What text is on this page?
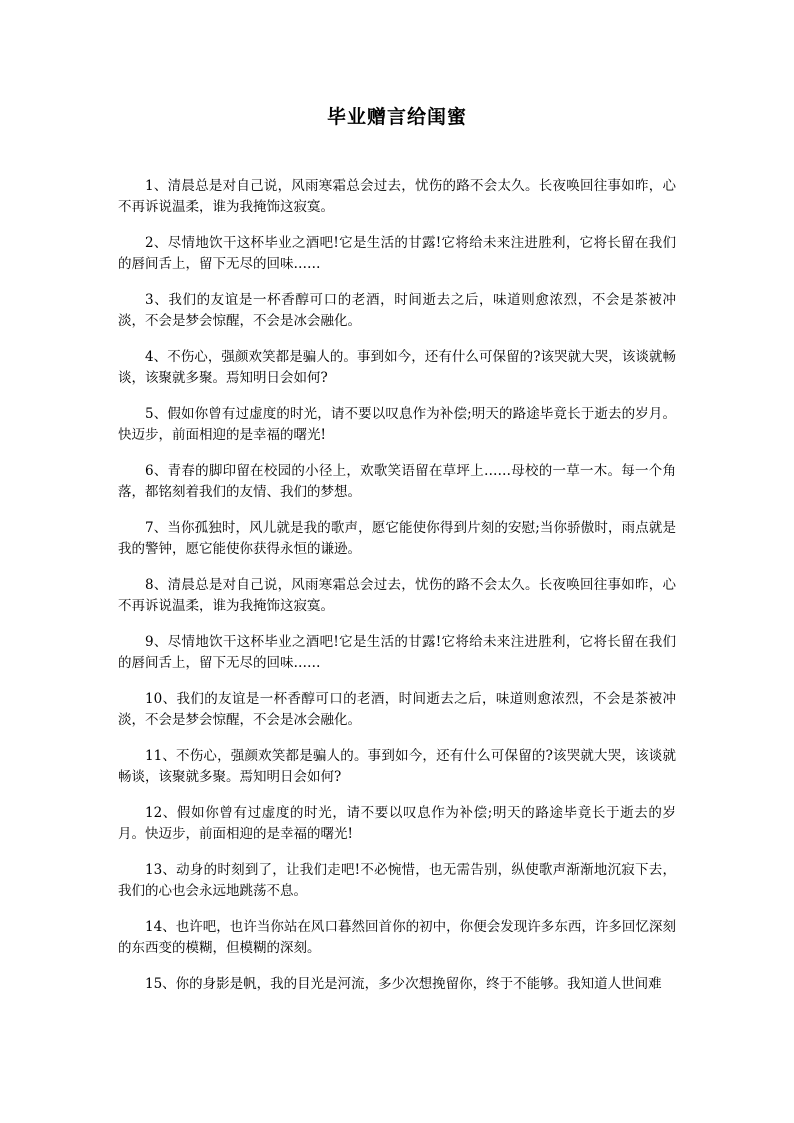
毕业赠言给闺蜜

1、清晨总是对自己说，风雨寒霜总会过去，忧伤的路不会太久。长夜唤回往事如昨，心不再诉说温柔，谁为我掩饰这寂寞。

2、尽情地饮干这杯毕业之酒吧!它是生活的甘露!它将给未来注进胜利，它将长留在我们的唇间舌上，留下无尽的回味……

3、我们的友谊是一杯香醇可口的老酒，时间逝去之后，味道则愈浓烈，不会是茶被冲淡，不会是梦会惊醒，不会是冰会融化。

4、不伤心，强颜欢笑都是骗人的。事到如今，还有什么可保留的?该哭就大哭，该谈就畅谈，该聚就多聚。焉知明日会如何?

5、假如你曾有过虚度的时光，请不要以叹息作为补偿;明天的路途毕竟长于逝去的岁月。快迈步，前面相迎的是幸福的曙光!

6、青春的脚印留在校园的小径上，欢歌笑语留在草坪上……母校的一草一木。每一个角落，都铭刻着我们的友情、我们的梦想。

7、当你孤独时，风儿就是我的歌声，愿它能使你得到片刻的安慰;当你骄傲时，雨点就是我的警钟，愿它能使你获得永恒的谦逊。

8、清晨总是对自己说，风雨寒霜总会过去，忧伤的路不会太久。长夜唤回往事如昨，心不再诉说温柔，谁为我掩饰这寂寞。

9、尽情地饮干这杯毕业之酒吧!它是生活的甘露!它将给未来注进胜利，它将长留在我们的唇间舌上，留下无尽的回味……

10、我们的友谊是一杯香醇可口的老酒，时间逝去之后，味道则愈浓烈，不会是茶被冲淡，不会是梦会惊醒，不会是冰会融化。

11、不伤心，强颜欢笑都是骗人的。事到如今，还有什么可保留的?该哭就大哭，该谈就畅谈，该聚就多聚。焉知明日会如何?

12、假如你曾有过虚度的时光，请不要以叹息作为补偿;明天的路途毕竟长于逝去的岁月。快迈步，前面相迎的是幸福的曙光!

13、动身的时刻到了，让我们走吧!不必惋惜，也无需告别，纵使歌声渐渐地沉寂下去，我们的心也会永远地跳荡不息。

14、也许吧，也许当你站在风口暮然回首你的初中，你便会发现许多东西，许多回忆深刻的东西变的模糊，但模糊的深刻。

15、你的身影是帆，我的目光是河流，多少次想挽留你，终于不能够。我知道人世间难
